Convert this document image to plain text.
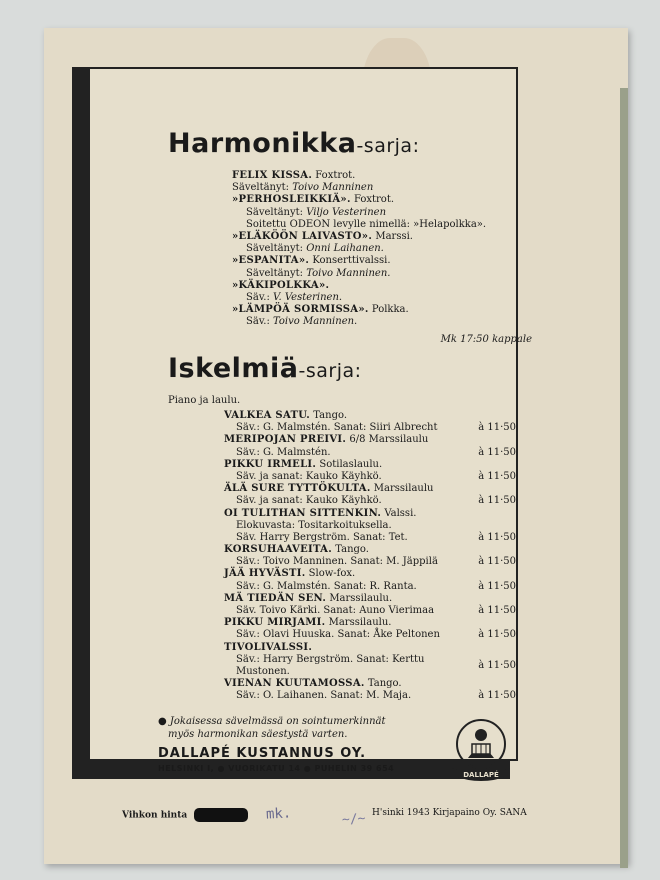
Harmonikka-sarja:
FELIX KISSA. Foxtrot.
Säveltänyt: Toivo Manninen
»PERHOSLEIKKIÄ». Foxtrot.
Säveltänyt: Viljo Vesterinen
Soitettu ODEON levylle nimellä: »Helapolkka».
»ELÄKÖÖN LAIVASTO». Marssi.
Säveltänyt: Onni Laihanen.
»ESPANITA». Konserttivalssi.
Säveltänyt: Toivo Manninen.
»KÄKIPOLKKA».
Säv.: V. Vesterinen.
»LÄMPÖÄ SORMISSA». Polkka.
Säv.: Toivo Manninen.
Mk 17:50 kappale
Iskelmiä-sarja:
Piano ja laulu.
VALKEA SATU. Tango.
Säv.: G. Malmstén. Sanat: Siiri Albrecht	à 11·50
MERIPOJAN PREIVI. 6/8 Marssilaulu
Säv.: G. Malmstén.	à 11·50
PIKKU IRMELI. Sotilaslaulu.
Säv. ja sanat: Kauko Käyhkö.	à 11·50
ÄLÄ SURE TYTTÖKULTA. Marssilaulu
Säv. ja sanat: Kauko Käyhkö.	à 11·50
OI TULITHAN SITTENKIN. Valssi.
Elokuvasta: Tositarkoituksella.
Säv. Harry Bergström. Sanat: Tet.	à 11·50
KORSUHAAVEITA. Tango.
Säv.: Toivo Manninen. Sanat: M. Jäppilä	à 11·50
JÄÄ HYVÄSTI. Slow-fox.
Säv.: G. Malmstén. Sanat: R. Ranta.	à 11·50
MÄ TIEDÄN SEN. Marssilaulu.
Säv. Toivo Kärki. Sanat: Auno Vierimaa	à 11·50
PIKKU MIRJAMI. Marssilaulu.
Säv.: Olavi Huuska. Sanat: Åke Peltonen	à 11·50
TIVOLIVALSSI.
Säv.: Harry Bergström. Sanat: Kerttu
Mustonen.
à 11·50
VIENAN KUUTAMOSSA. Tango.
Säv.: O. Laihanen. Sanat: M. Maja.	à 11·50
● Jokaisessa sävelmässä on sointumerkinnät
myös harmonikan säestystä varten.
DALLAPÉ KUSTANNUS OY.
HELSINKI I, ● VUORIKATU 14 ● PUHELIN 39 654
DALLAPÉ
Vihkon hinta	mk.	~/~ H'sinki 1943 Kirjapaino Oy. SANA
